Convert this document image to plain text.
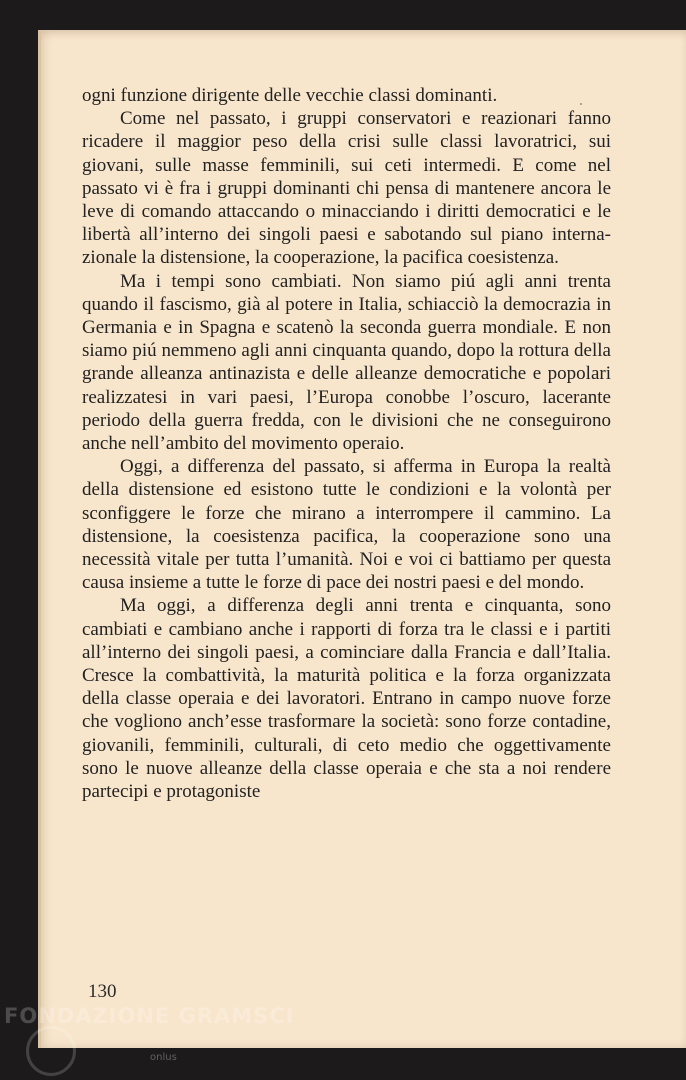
ogni funzione dirigente delle vecchie classi dominanti.

Come nel passato, i gruppi conservatori e reazionari fanno ricadere il maggior peso della crisi sulle classi lavoratrici, sui giovani, sulle masse femminili, sui ceti intermedi. E come nel passato vi è fra i gruppi dominanti chi pensa di mantenere ancora le leve di comando attaccando o minacciando i diritti democratici e le libertà all’interno dei singoli paesi e sabotando sul piano internazionale la distensione, la cooperazione, la pacifica coesistenza.

Ma i tempi sono cambiati. Non siamo piú agli anni trenta quando il fascismo, già al potere in Italia, schiacciò la democrazia in Germania e in Spagna e scatenò la seconda guerra mondiale. E non siamo piú nemmeno agli anni cinquanta quando, dopo la rottura della grande alleanza antinazista e delle alleanze democratiche e popolari realizzatesi in vari paesi, l’Europa conobbe l’oscuro, lacerante periodo della guerra fredda, con le divisioni che ne conseguirono anche nell’ambito del movimento operaio.

Oggi, a differenza del passato, si afferma in Europa la realtà della distensione ed esistono tutte le condizioni e la volontà per sconfiggere le forze che mirano a interrompere il cammino. La distensione, la coesistenza pacifica, la cooperazione sono una necessità vitale per tutta l’umanità. Noi e voi ci battiamo per questa causa insieme a tutte le forze di pace dei nostri paesi e del mondo.

Ma oggi, a differenza degli anni trenta e cinquanta, sono cambiati e cambiano anche i rapporti di forza tra le classi e i partiti all’interno dei singoli paesi, a cominciare dalla Francia e dall’Italia. Cresce la combattività, la maturità politica e la forza organizzata della classe operaia e dei lavoratori. Entrano in campo nuove forze che vogliono anch’esse trasformare la società: sono forze contadine, giovanili, femminili, culturali, di ceto medio che oggettivamente sono le nuove alleanze della classe operaia e che sta a noi rendere partecipi e protagoniste

130
FONDAZIONE GRAMSCI
onlus
